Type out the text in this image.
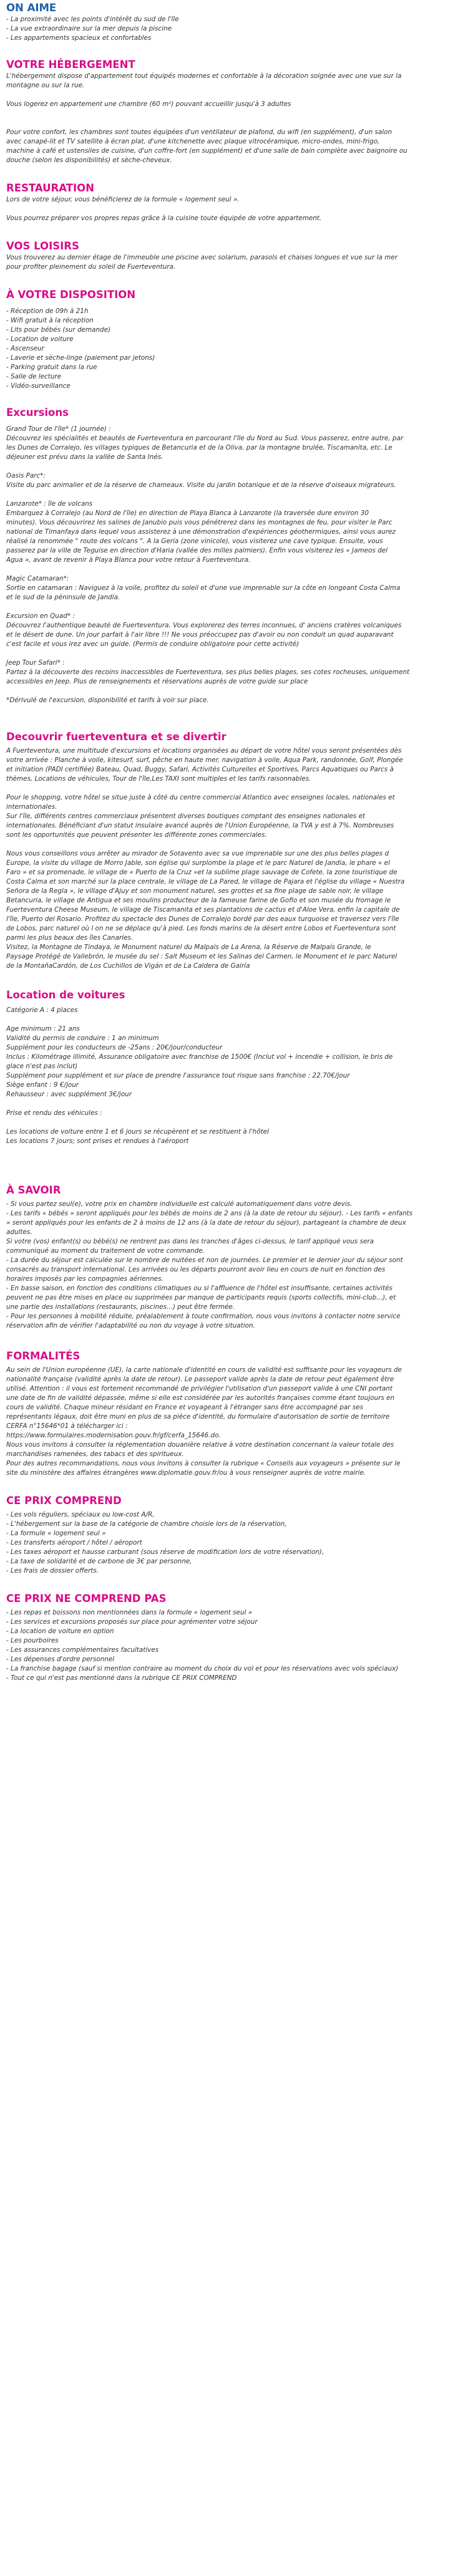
ON AIME

- La proximité avec les points d'intérêt du sud de l'île

- La vue extraordinaire sur la mer depuis la piscine

- Les appartements spacieux et confortables

VOTRE HÉBERGEMENT

L'hébergement dispose d'appartement tout équipés modernes et confortable à la décoration soignée avec une vue sur la

montagne ou sur la rue.

Vous logerez en appartement une chambre (60 m²) pouvant accueillir jusqu'à 3 adultes

Pour votre confort, les chambres sont toutes équipées d'un ventilateur de plafond, du wifi (en supplément), d'un salon

avec canapé-lit et TV satellite à écran plat, d'une kitchenette avec plaque vitrocéramique, micro-ondes, mini-frigo,

machine à café et ustensiles de cuisine, d'un coffre-fort (en supplément) et d'une salle de bain complète avec baignoire ou

douche (selon les disponibilités) et sèche-cheveux.

RESTAURATION

Lors de votre séjour, vous bénéficierez de la formule « logement seul ».

Vous pourrez préparer vos propres repas grâce à la cuisine toute équipée de votre appartement.

VOS LOISIRS

Vous trouverez au dernier étage de l'immeuble une piscine avec solarium, parasols et chaises longues et vue sur la mer

pour profiter pleinement du soleil de Fuerteventura.

À VOTRE DISPOSITION

- Réception de 09h à 21h

- Wifi gratuit à la réception

- Lits pour bébés (sur demande)

- Location de voiture

- Ascenseur

- Laverie et sèche-linge (paiement par jetons)

- Parking gratuit dans la rue

- Salle de lecture

- Vidéo-surveillance

Excursions

Grand Tour de l'île* (1 journée) :

Découvrez les spécialités et beautés de Fuerteventura en parcourant l'île du Nord au Sud. Vous passerez, entre autre, par

les Dunes de Corralejo, les villages typiques de Betancuria et de la Oliva, par la montagne brulée, Tiscamanita, etc. Le

déjeuner est prévu dans la vallée de Santa Inés.

Oasis Parc*:

Visite du parc animalier et de la réserve de chameaux. Visite du jardin botanique et de la réserve d'oiseaux migrateurs.

Lanzarote* : île de volcans

Embarquez à Corralejo (au Nord de l'île) en direction de Playa Blanca à Lanzarote (la traversée dure environ 30

minutes). Vous découvrirez les salines de Janubio puis vous pénétrerez dans les montagnes de feu, pour visiter le Parc

national de Timanfaya dans lequel vous assisterez à une démonstration d'expériences géothermiques, ainsi vous aurez

réalisé la renommée " route des volcans ". A la Geria (zone vinicole), vous visiterez une cave typique. Ensuite, vous

passerez par la ville de Teguise en direction d'Haria (vallée des milles palmiers). Enfin vous visiterez les « Jameos del

Agua », avant de revenir à Playa Blanca pour votre retour à Fuerteventura.

Magic Catamaran*:

Sortie en catamaran : Naviguez à la voile, profitez du soleil et d'une vue imprenable sur la côte en longeant Costa Calma

et le sud de la péninsule de Jandía.

Excursion en Quad* :

Découvrez l'authentique beauté de Fuerteventura. Vous explorerez des terres inconnues, d' anciens cratères volcaniques

et le désert de dune. Un jour parfait à l'air libre !!! Ne vous préoccupez pas d'avoir ou non conduit un quad auparavant

c'est facile et vous irez avec un guide. (Permis de conduire obligatoire pour cette activité)

Jeep Tour Safari* :

Partez à la découverte des recoins inaccessibles de Fuerteventura, ses plus belles plages, ses cotes rocheuses, uniquement

accessibles en Jeep. Plus de renseignements et réservations auprès de votre guide sur place

*Dérivulé de l'excursion, disponibilité et tarifs à voir sur place.

Decouvrir fuerteventura et se divertir

A Fuerteventura, une multitude d'excursions et locations organisées au départ de votre hôtel vous seront présentées dès

votre arrivée : Planche à voile, kitesurf, surf, pêche en haute mer, navigation à voile, Aqua Park, randonnée, Golf, Plongée

et initiation (PADI certifiée) Bateau, Quad, Buggy, Safari, Activités Culturelles et Sportives, Parcs Aquatiques ou Parcs à

thèmes, Locations de véhicules, Tour de l'île,Les TAXI sont multiples et les tarifs raisonnables.

Pour le shopping, votre hôtel se situe juste à côté du centre commercial Atlantico avec enseignes locales, nationales et

internationales.

Sur l'île, différents centres commerciaux présentent diverses boutiques comptant des enseignes nationales et

internationales. Bénéficiant d'un statut insulaire avancé auprès de l'Union Européenne, la TVA y est à 7%. Nombreuses

sont les opportunités que peuvent présenter les différente zones commerciales.

Nous vous conseillons vous arrêter au mirador de Sotavento avec sa vue imprenable sur une des plus belles plages d

Europe, la visite du village de Morro Jable, son église qui surplombe la plage et le parc Naturel de Jandia, le phare « el

Faro » et sa promenade, le village de « Puerto de la Cruz »et la sublime plage sauvage de Cofete, la zone touristique de

Costa Calma et son marché sur la place centrale, le village de La Pared, le village de Pajara et l'église du village « Nuestra

Señora de la Regla », le village d'Ajuy et son monument naturel, ses grottes et sa fine plage de sable noir, le village

Betancuria, le village de Antigua et ses moulins producteur de la fameuse farine de Gofio et son musée du fromage le

Fuerteventura Cheese Museum, le village de Tiscamanita et ses plantations de cactus et d'Aloe Vera, enfin la capitale de

l'île, Puerto del Rosario. Profitez du spectacle des Dunes de Corralejo bordé par des eaux turquoise et traversez vers l'île

de Lobos, parc naturel où l on ne se déplace qu'à pied. Les fonds marins de la désert entre Lobos et Fuerteventura sont

parmi les plus beaux des îles Canaries.

Visitez, la Montagne de Tindaya, le Monument naturel du Malpaís de La Arena, la Réserve de Malpaís Grande, le

Paysage Protégé de Vallebrón, le musée du sel : Salt Museum et les Salinas del Carmen, le Monument et le parc Naturel

de la MontañaCardón, de Los Cuchillos de Vigán et de La Caldera de Gairía

Location de voitures

Catégorie A : 4 places

Age minimum : 21 ans

Validité du permis de conduire : 1 an minimum

Supplément pour les conducteurs de -25ans : 20€/jour/conducteur

Inclus : Kilométrage illimité, Assurance obligatoire avec franchise de 1500€ (Inclut vol + incendie + collision, le bris de

glace n'est pas inclut)

Supplément pour supplément et sur place de prendre l'assurance tout risque sans franchise : 22.70€/jour

Siège enfant : 9 €/jour

Rehausseur : avec supplément 3€/jour

Prise et rendu des véhicules :

Les locations de voiture entre 1 et 6 jours se récupèrent et se restituent à l'hôtel

Les locations 7 jours; sont prises et rendues à l'aéroport

À SAVOIR

- Si vous partez seul(e), votre prix en chambre individuelle est calculé automatiquement dans votre devis.

- Les tarifs « bébés » seront appliqués pour les bébés de moins de 2 ans (à la date de retour du séjour). - Les tarifs « enfants

» seront appliqués pour les enfants de 2 à moins de 12 ans (à la date de retour du séjour), partageant la chambre de deux

adultes.

Si votre (vos) enfant(s) ou bébé(s) ne rentrent pas dans les tranches d'âges ci-dessus, le tarif appliqué vous sera

communiqué au moment du traitement de votre commande.

- La durée du séjour est calculée sur le nombre de nuitées et non de journées. Le premier et le dernier jour du séjour sont

consacrés au transport international. Les arrivées ou les départs pourront avoir lieu en cours de nuit en fonction des

horaires imposés par les compagnies aériennes.

- En basse saison, en fonction des conditions climatiques ou si l'affluence de l'hôtel est insuffisante, certaines activités

peuvent ne pas être mises en place ou supprimées par manque de participants requis (sports collectifs, mini-club...), et

une partie des installations (restaurants, piscines...) peut être fermée.

- Pour les personnes à mobilité réduite, préalablement à toute confirmation, nous vous invitons à contacter notre service

réservation afin de vérifier l'adaptabilité ou non du voyage à votre situation.

FORMALITÉS

Au sein de l'Union européenne (UE), la carte nationale d'identité en cours de validité est suffisante pour les voyageurs de

nationalité française (validité après la date de retour). Le passeport valide après la date de retour peut également être

utilisé. Attention : il vous est fortement recommandé de privilégier l'utilisation d'un passeport valide à une CNI portant

une date de fin de validité dépassée, même si elle est considérée par les autorités françaises comme étant toujours en

cours de validité. Chaque mineur résidant en France et voyageant à l'étranger sans être accompagné par ses

représentants légaux, doit être muni en plus de sa pièce d'identité, du formulaire d'autorisation de sortie de territoire

CERFA n°15646*01 à télécharger ici :

https://www.formulaires.modernisation.gouv.fr/gf/cerfa_15646.do.

Nous vous invitons à consulter la réglementation douanière relative à votre destination concernant la valeur totale des

marchandises ramenées, des tabacs et des spiritueux.

Pour des autres recommandations, nous vous invitons à consulter la rubrique « Conseils aux voyageurs » présente sur le

site du ministère des affaires étrangères www.diplomatie.gouv.fr/ou à vous renseigner auprès de votre mairie.

CE PRIX COMPREND

- Les vols réguliers, spéciaux ou low-cost A/R,

- L'hébergement sur la base de la catégorie de chambre choisie lors de la réservation,

- La formule « logement seul »

- Les transferts aéroport / hôtel / aéroport

- Les taxes aéroport et hausse carburant (sous réserve de modification lors de votre réservation),

- La taxe de solidarité et de carbone de 3€ par personne,

- Les frais de dossier offerts.

CE PRIX NE COMPREND PAS

- Les repas et boissons non mentionnées dans la formule « logement seul »

- Les services et excursions proposés sur place pour agrémenter votre séjour

- La location de voiture en option

- Les pourboires

- Les assurances complémentaires facultatives

- Les dépenses d'ordre personnel

- La franchise bagage (sauf si mention contraire au moment du choix du vol et pour les réservations avec vols spéciaux)

- Tout ce qui n'est pas mentionné dans la rubrique CE PRIX COMPREND
